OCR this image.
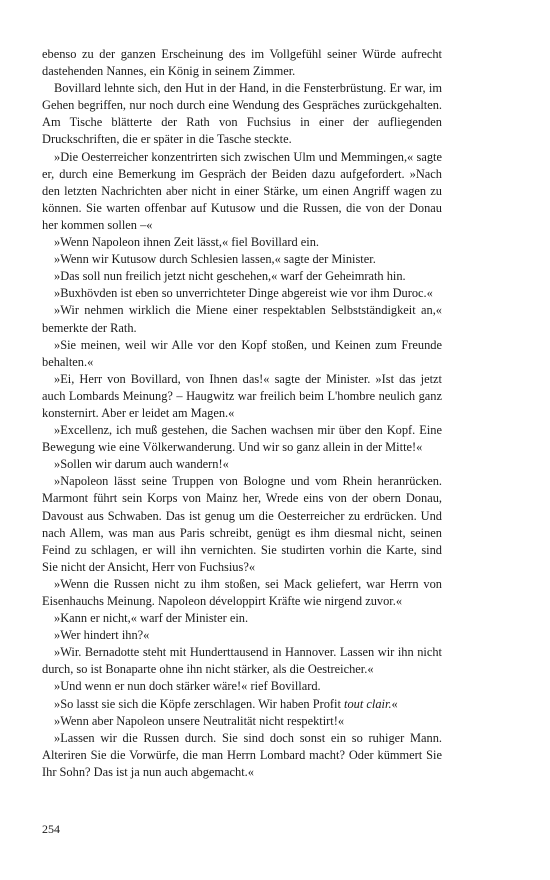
ebenso zu der ganzen Erscheinung des im Vollgefühl seiner Würde aufrecht dastehenden Nannes, ein König in seinem Zimmer.

Bovillard lehnte sich, den Hut in der Hand, in die Fensterbrüstung. Er war, im Gehen begriffen, nur noch durch eine Wendung des Gespräches zurückgehalten. Am Tische blätterte der Rath von Fuchsius in einer der aufliegenden Druckschriften, die er später in die Tasche steckte.

»Die Oesterreicher konzentrirten sich zwischen Ulm und Memmingen,« sagte er, durch eine Bemerkung im Gespräch der Beiden dazu aufgefordert. »Nach den letzten Nachrichten aber nicht in einer Stärke, um einen Angriff wagen zu können. Sie warten offenbar auf Kutusow und die Russen, die von der Donau her kommen sollen –«

»Wenn Napoleon ihnen Zeit lässt,« fiel Bovillard ein.

»Wenn wir Kutusow durch Schlesien lassen,« sagte der Minister.

»Das soll nun freilich jetzt nicht geschehen,« warf der Geheimrath hin.

»Buxhövden ist eben so unverrichteter Dinge abgereist wie vor ihm Duroc.«

»Wir nehmen wirklich die Miene einer respektablen Selbstständigkeit an,« bemerkte der Rath.

»Sie meinen, weil wir Alle vor den Kopf stoßen, und Keinen zum Freunde behalten.«

»Ei, Herr von Bovillard, von Ihnen das!« sagte der Minister. »Ist das jetzt auch Lombards Meinung? – Haugwitz war freilich beim L'hombre neulich ganz konsternirt. Aber er leidet am Magen.«

»Excellenz, ich muß gestehen, die Sachen wachsen mir über den Kopf. Eine Bewegung wie eine Völkerwanderung. Und wir so ganz allein in der Mitte!«

»Sollen wir darum auch wandern!«

»Napoleon lässt seine Truppen von Bologne und vom Rhein heranrücken. Marmont führt sein Korps von Mainz her, Wrede eins von der obern Donau, Davoust aus Schwaben. Das ist genug um die Oesterreicher zu erdrücken. Und nach Allem, was man aus Paris schreibt, genügt es ihm diesmal nicht, seinen Feind zu schlagen, er will ihn vernichten. Sie studirten vorhin die Karte, sind Sie nicht der Ansicht, Herr von Fuchsius?«

»Wenn die Russen nicht zu ihm stoßen, sei Mack geliefert, war Herrn von Eisenhauchs Meinung. Napoleon développirt Kräfte wie nirgend zuvor.«

»Kann er nicht,« warf der Minister ein.

»Wer hindert ihn?«

»Wir. Bernadotte steht mit Hunderttausend in Hannover. Lassen wir ihn nicht durch, so ist Bonaparte ohne ihn nicht stärker, als die Oestreicher.«

»Und wenn er nun doch stärker wäre!« rief Bovillard.

»So lasst sie sich die Köpfe zerschlagen. Wir haben Profit tout clair.«

»Wenn aber Napoleon unsere Neutralität nicht respektirt!«

»Lassen wir die Russen durch. Sie sind doch sonst ein so ruhiger Mann. Alteriren Sie die Vorwürfe, die man Herrn Lombard macht? Oder kümmert Sie Ihr Sohn? Das ist ja nun auch abgemacht.«

254
